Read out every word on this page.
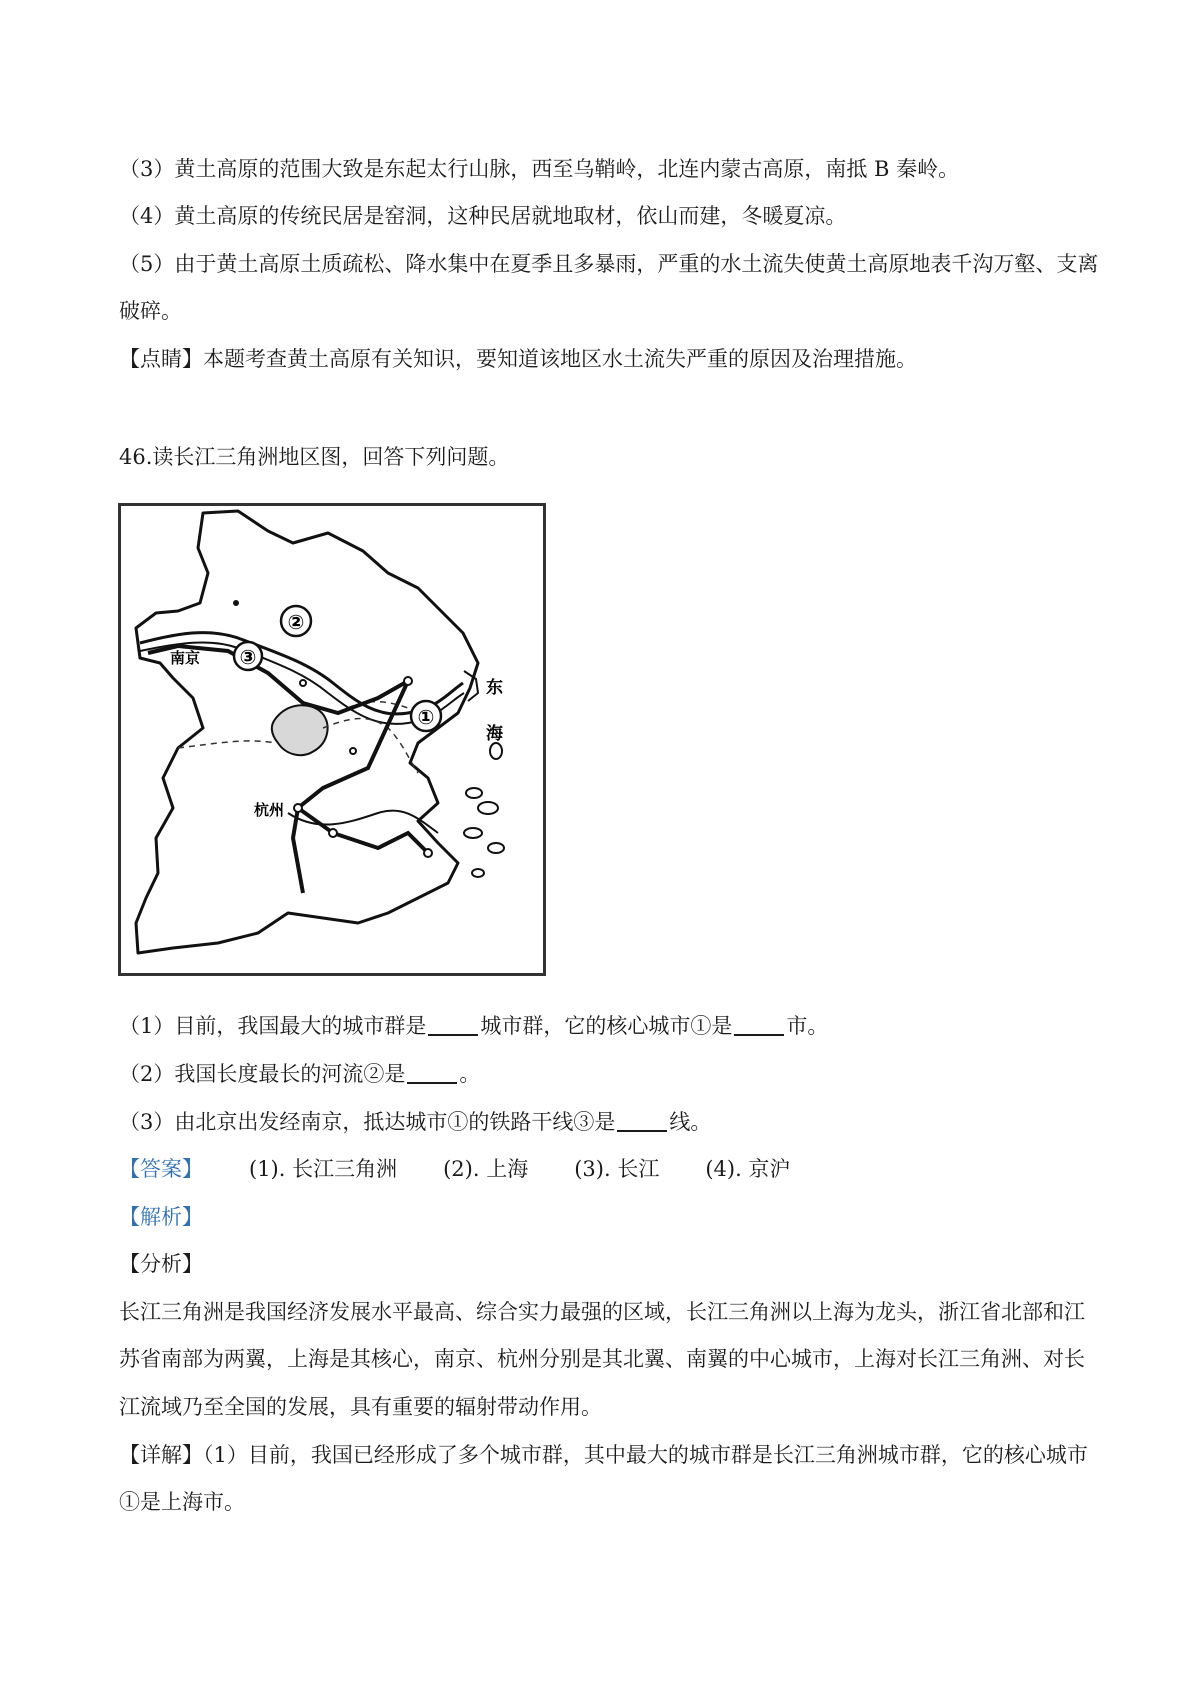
（3）黄土高原的范围大致是东起太行山脉，西至乌鞘岭，北连内蒙古高原，南抵 B 秦岭。
（4）黄土高原的传统民居是窑洞，这种民居就地取材，依山而建，冬暖夏凉。
（5）由于黄土高原土质疏松、降水集中在夏季且多暴雨，严重的水土流失使黄土高原地表千沟万壑、支离
破碎。
【点睛】本题考查黄土高原有关知识，要知道该地区水土流失严重的原因及治理措施。
46.读长江三角洲地区图，回答下列问题。
②
③
①
南京
杭州
东
海
（1）目前，我国最大的城市群是	城市群，它的核心城市①是	市。
（2）我国长度最长的河流②是	。
（3）由北京出发经南京，抵达城市①的铁路干线③是	线。
【答案】 (1). 长江三角洲 (2). 上海 (3). 长江 (4). 京沪
【解析】
【分析】
长江三角洲是我国经济发展水平最高、综合实力最强的区域，长江三角洲以上海为龙头，浙江省北部和江
苏省南部为两翼，上海是其核心，南京、杭州分别是其北翼、南翼的中心城市，上海对长江三角洲、对长
江流域乃至全国的发展，具有重要的辐射带动作用。
【详解】（1）目前，我国已经形成了多个城市群，其中最大的城市群是长江三角洲城市群，它的核心城市
①是上海市。
